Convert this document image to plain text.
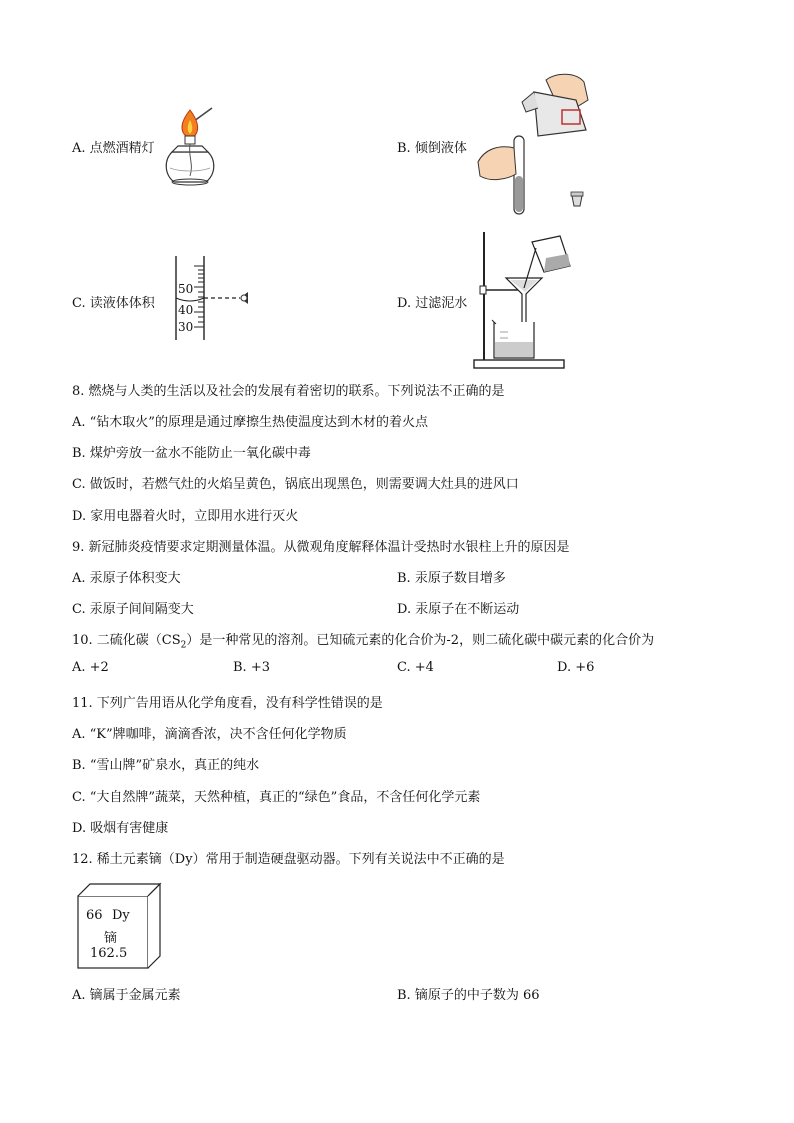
A. 点燃酒精灯	B. 倾倒液体
C. 读液体体积
50
40
30
D. 过滤泥水
8. 燃烧与人类的生活以及社会的发展有着密切的联系。下列说法不正确的是
A. “钻木取火”的原理是通过摩擦生热使温度达到木材的着火点
B. 煤炉旁放一盆水不能防止一氧化碳中毒
C. 做饭时，若燃气灶的火焰呈黄色，锅底出现黑色，则需要调大灶具的进风口
D. 家用电器着火时，立即用水进行灭火
9. 新冠肺炎疫情要求定期测量体温。从微观角度解释体温计受热时水银柱上升的原因是
A. 汞原子体积变大	B. 汞原子数目增多
C. 汞原子间间隔变大	D. 汞原子在不断运动
10. 二硫化碳$(CS_2)$是一种常见的溶剂。已知硫元素的化合价为-2，则二硫化碳中碳元素的化合价为
A. +2	B. +3	C. +4	D. +6
11. 下列广告用语从化学角度看，没有科学性错误的是
A. “K”牌咖啡，滴滴香浓，决不含任何化学物质
B. “雪山牌”矿泉水，真正的纯水
C. “大自然牌”蔬菜，天然种植，真正的“绿色”食品，不含任何化学元素
D. 吸烟有害健康
12. 稀土元素镝（Dy）常用于制造硬盘驱动器。下列有关说法中不正确的是
66 Dy
镝
162.5
A. 镝属于金属元素	B. 镝原子的中子数为 66
